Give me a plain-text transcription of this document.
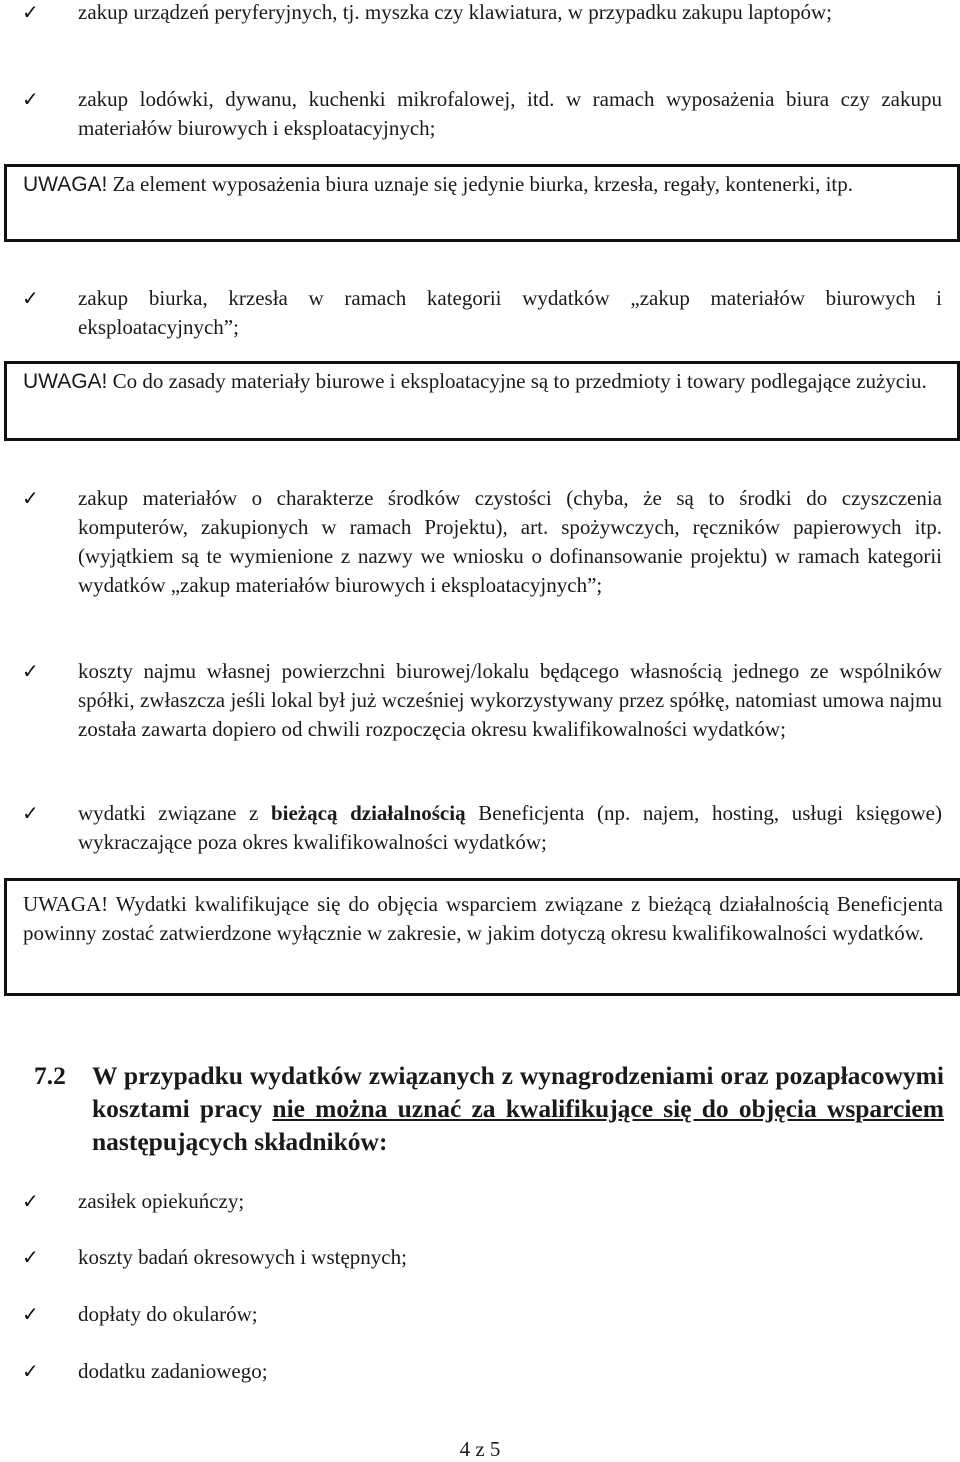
✓	zakup urządzeń peryferyjnych, tj. myszka czy klawiatura, w przypadku zakupu laptopów;
✓	zakup lodówki, dywanu, kuchenki mikrofalowej, itd. w ramach wyposażenia biura czy zakupu materiałów biurowych i eksploatacyjnych;
UWAGA! Za element wyposażenia biura uznaje się jedynie biurka, krzesła, regały, kontenerki, itp.
✓	zakup biurka, krzesła w ramach kategorii wydatków „zakup materiałów biurowych i eksploatacyjnych”;
UWAGA! Co do zasady materiały biurowe i eksploatacyjne są to przedmioty i towary podlegające zużyciu.
✓	zakup materiałów o charakterze środków czystości (chyba, że są to środki do czyszczenia komputerów, zakupionych w ramach Projektu), art. spożywczych, ręczników papierowych itp. (wyjątkiem są te wymienione z nazwy we wniosku o dofinansowanie projektu) w ramach kategorii wydatków „zakup materiałów biurowych i eksploatacyjnych”;
✓	koszty najmu własnej powierzchni biurowej/lokalu będącego własnością jednego ze wspólników spółki, zwłaszcza jeśli lokal był już wcześniej wykorzystywany przez spółkę, natomiast umowa najmu została zawarta dopiero od chwili rozpoczęcia okresu kwalifikowalności wydatków;
✓	wydatki związane z bieżącą działalnością Beneficjenta (np. najem, hosting, usługi księgowe) wykraczające poza okres kwalifikowalności wydatków;
UWAGA! Wydatki kwalifikujące się do objęcia wsparciem związane z bieżącą działalnością Beneficjenta powinny zostać zatwierdzone wyłącznie w zakresie, w jakim dotyczą okresu kwalifikowalności wydatków.
7.2	W przypadku wydatków związanych z wynagrodzeniami oraz pozapłacowymi kosztami pracy nie można uznać za kwalifikujące się do objęcia wsparciem następujących składników:
✓	zasiłek opiekuńczy;
✓	koszty badań okresowych i wstępnych;
✓	dopłaty do okularów;
✓	dodatku zadaniowego;
4 z 5
